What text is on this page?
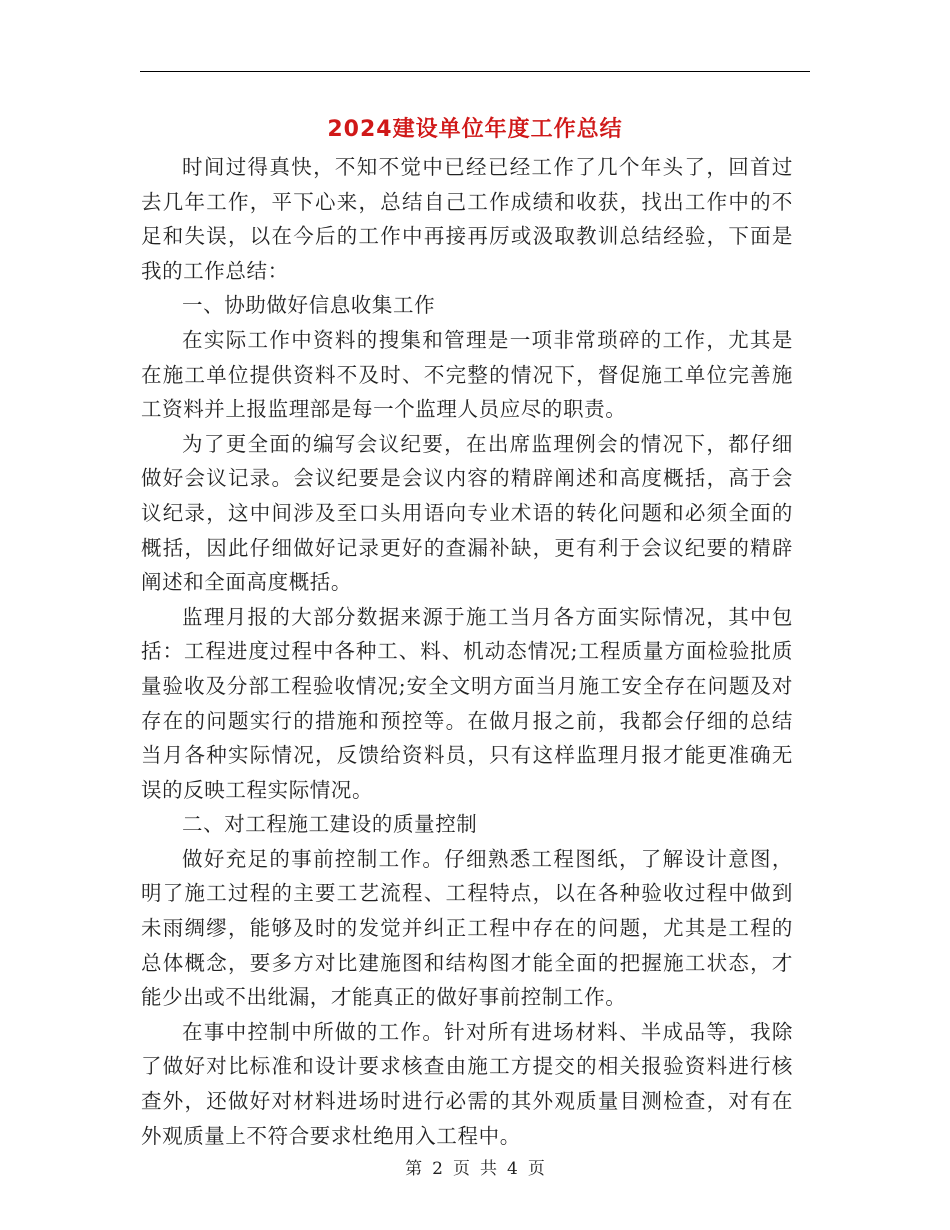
2024建设单位年度工作总结

时间过得真快，不知不觉中已经已经工作了几个年头了，回首过去几年工作，平下心来，总结自己工作成绩和收获，找出工作中的不足和失误，以在今后的工作中再接再厉或汲取教训总结经验，下面是我的工作总结：

一、协助做好信息收集工作

在实际工作中资料的搜集和管理是一项非常琐碎的工作，尤其是在施工单位提供资料不及时、不完整的情况下，督促施工单位完善施工资料并上报监理部是每一个监理人员应尽的职责。

为了更全面的编写会议纪要，在出席监理例会的情况下，都仔细做好会议记录。会议纪要是会议内容的精辟阐述和高度概括，高于会议纪录，这中间涉及至口头用语向专业术语的转化问题和必须全面的概括，因此仔细做好记录更好的查漏补缺，更有利于会议纪要的精辟阐述和全面高度概括。

监理月报的大部分数据来源于施工当月各方面实际情况，其中包括：工程进度过程中各种工、料、机动态情况;工程质量方面检验批质量验收及分部工程验收情况;安全文明方面当月施工安全存在问题及对存在的问题实行的措施和预控等。在做月报之前，我都会仔细的总结当月各种实际情况，反馈给资料员，只有这样监理月报才能更准确无误的反映工程实际情况。

二、对工程施工建设的质量控制

做好充足的事前控制工作。仔细熟悉工程图纸，了解设计意图，明了施工过程的主要工艺流程、工程特点，以在各种验收过程中做到未雨绸缪，能够及时的发觉并纠正工程中存在的问题，尤其是工程的总体概念，要多方对比建施图和结构图才能全面的把握施工状态，才能少出或不出纰漏，才能真正的做好事前控制工作。

在事中控制中所做的工作。针对所有进场材料、半成品等，我除了做好对比标准和设计要求核查由施工方提交的相关报验资料进行核查外，还做好对材料进场时进行必需的其外观质量目测检查，对有在外观质量上不符合要求杜绝用入工程中。

第 2 页 共 4 页
